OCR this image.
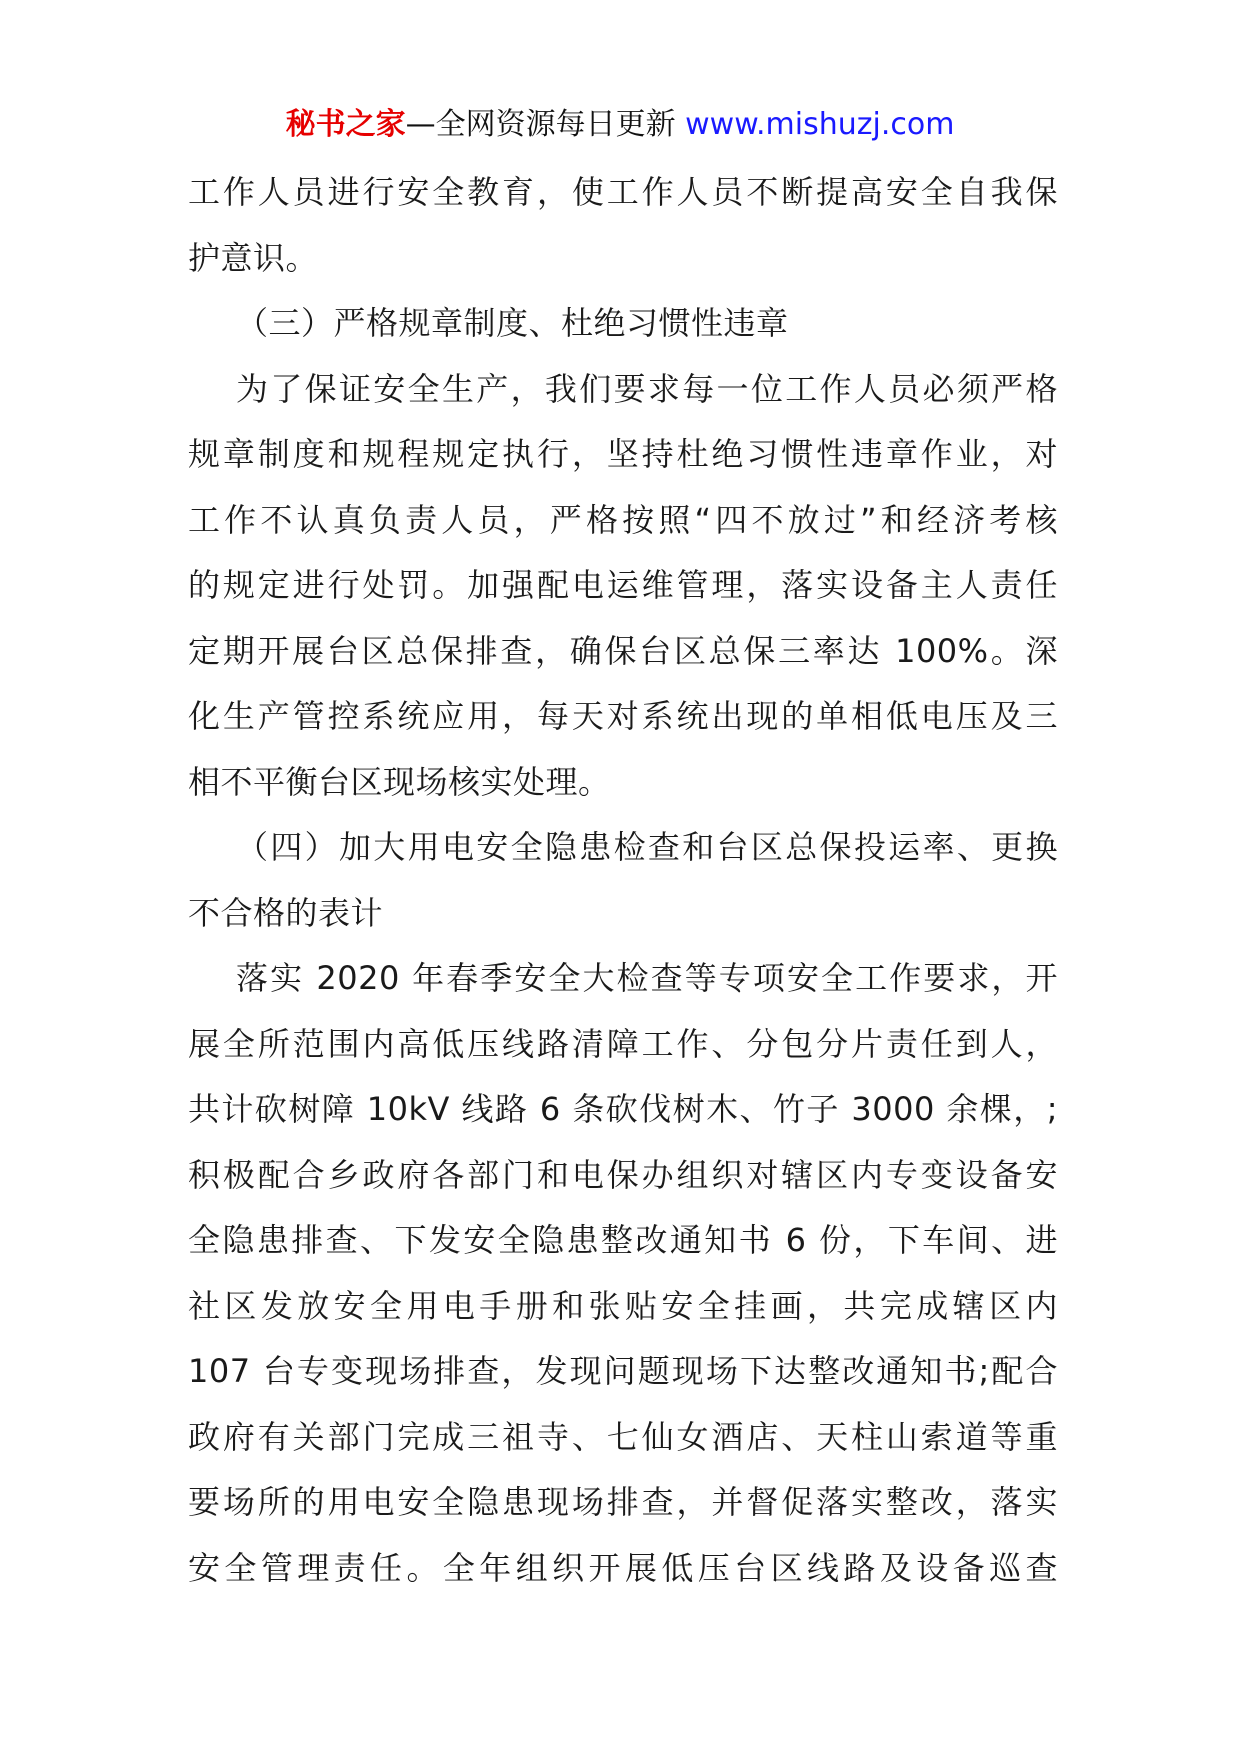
秘书之家—全网资源每日更新 www.mishuzj.com
工作人员进行安全教育，使工作人员不断提高安全自我保
护意识。
（三）严格规章制度、杜绝习惯性违章
为了保证安全生产，我们要求每一位工作人员必须严格
规章制度和规程规定执行，坚持杜绝习惯性违章作业，对
工作不认真负责人员，严格按照“四不放过”和经济考核
的规定进行处罚。加强配电运维管理，落实设备主人责任
定期开展台区总保排查，确保台区总保三率达 100%。深
化生产管控系统应用，每天对系统出现的单相低电压及三
相不平衡台区现场核实处理。
（四）加大用电安全隐患检查和台区总保投运率、更换
不合格的表计
落实 2020 年春季安全大检查等专项安全工作要求，开
展全所范围内高低压线路清障工作、分包分片责任到人，
共计砍树障 10kV 线路 6 条砍伐树木、竹子 3000 余棵，;
积极配合乡政府各部门和电保办组织对辖区内专变设备安
全隐患排查、下发安全隐患整改通知书 6 份，下车间、进
社区发放安全用电手册和张贴安全挂画，共完成辖区内
107 台专变现场排查，发现问题现场下达整改通知书;配合
政府有关部门完成三祖寺、七仙女酒店、天柱山索道等重
要场所的用电安全隐患现场排查，并督促落实整改，落实
安全管理责任。全年组织开展低压台区线路及设备巡查
